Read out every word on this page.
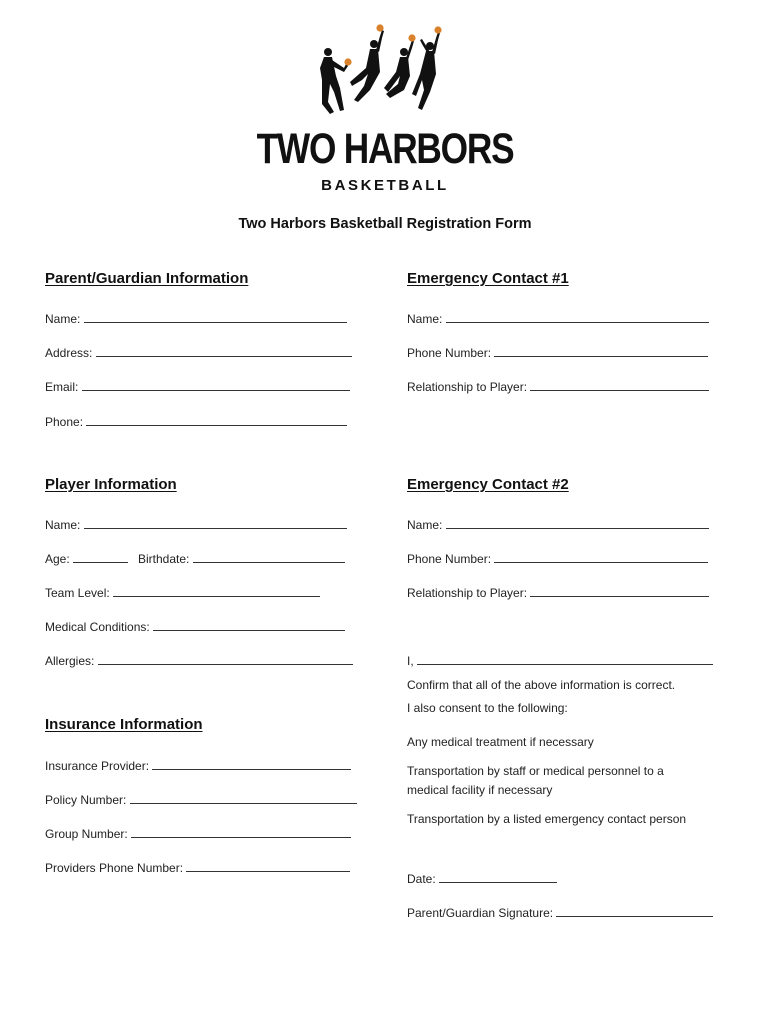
TWO HARBORS
BASKETBALL
Two Harbors Basketball Registration Form
Parent/Guardian Information
Name:
Address:
Email:
Phone:
Emergency Contact #1
Name:
Phone Number:
Relationship to Player:
Player Information
Name:
Age:	Birthdate:
Team Level:
Medical Conditions:
Allergies:
Emergency Contact #2
Name:
Phone Number:
Relationship to Player:
I,
Confirm that all of the above information is correct.
I also consent to the following:
Any medical treatment if necessary
Transportation by staff or medical personnel to a
medical facility if necessary
Transportation by a listed emergency contact person
Date:
Parent/Guardian Signature:
Insurance Information
Insurance Provider:
Policy Number:
Group Number:
Providers Phone Number:
